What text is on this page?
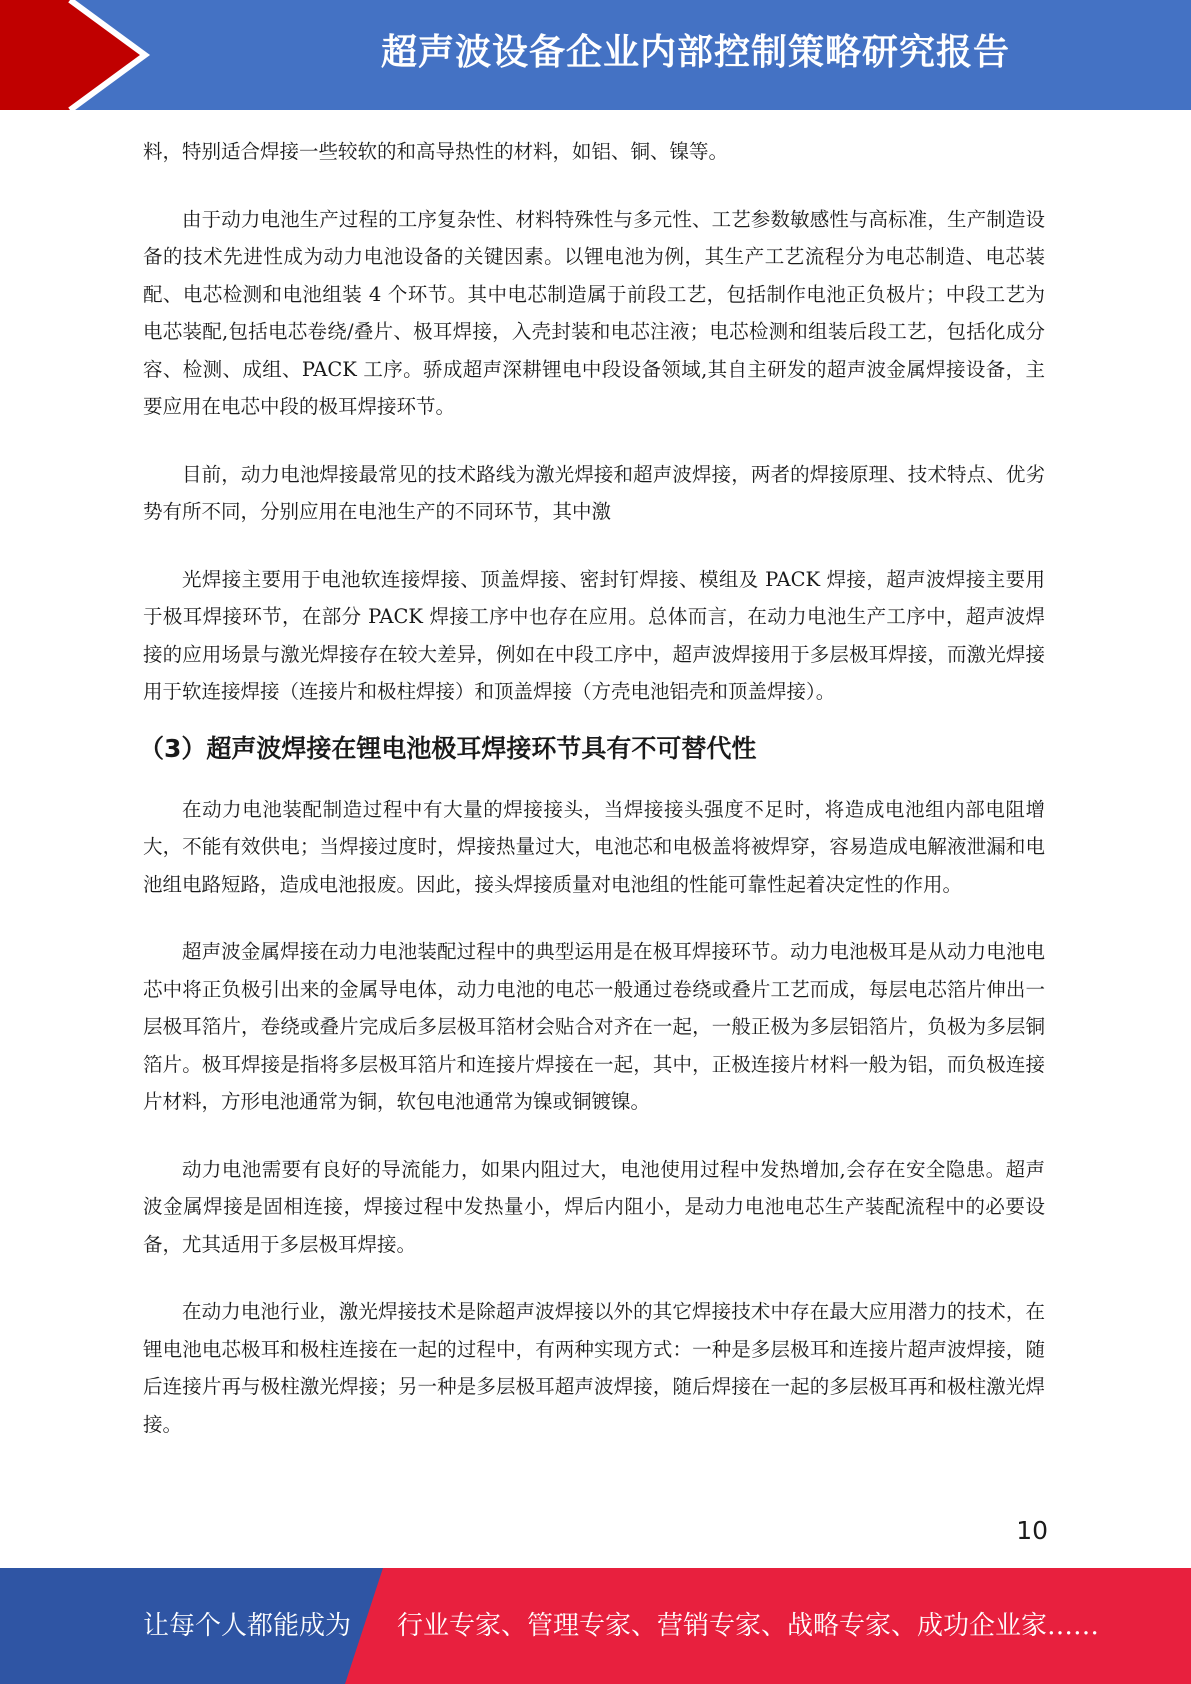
超声波设备企业内部控制策略研究报告

料，特别适合焊接一些较软的和高导热性的材料，如铝、铜、镍等。

由于动力电池生产过程的工序复杂性、材料特殊性与多元性、工艺参数敏感性与高标准，生产制造设备的技术先进性成为动力电池设备的关键因素。以锂电池为例，其生产工艺流程分为电芯制造、电芯装配、电芯检测和电池组装 4 个环节。其中电芯制造属于前段工艺，包括制作电池正负极片；中段工艺为电芯装配,包括电芯卷绕/叠片、极耳焊接，入壳封装和电芯注液；电芯检测和组装后段工艺，包括化成分容、检测、成组、PACK 工序。骄成超声深耕锂电中段设备领域,其自主研发的超声波金属焊接设备，主要应用在电芯中段的极耳焊接环节。

目前，动力电池焊接最常见的技术路线为激光焊接和超声波焊接，两者的焊接原理、技术特点、优劣势有所不同，分别应用在电池生产的不同环节，其中激

光焊接主要用于电池软连接焊接、顶盖焊接、密封钉焊接、模组及 PACK 焊接，超声波焊接主要用于极耳焊接环节，在部分 PACK 焊接工序中也存在应用。总体而言，在动力电池生产工序中，超声波焊接的应用场景与激光焊接存在较大差异，例如在中段工序中，超声波焊接用于多层极耳焊接，而激光焊接用于软连接焊接（连接片和极柱焊接）和顶盖焊接（方壳电池铝壳和顶盖焊接）。

（3）超声波焊接在锂电池极耳焊接环节具有不可替代性

在动力电池装配制造过程中有大量的焊接接头，当焊接接头强度不足时，将造成电池组内部电阻增大，不能有效供电；当焊接过度时，焊接热量过大，电池芯和电极盖将被焊穿，容易造成电解液泄漏和电池组电路短路，造成电池报废。因此，接头焊接质量对电池组的性能可靠性起着决定性的作用。

超声波金属焊接在动力电池装配过程中的典型运用是在极耳焊接环节。动力电池极耳是从动力电池电芯中将正负极引出来的金属导电体，动力电池的电芯一般通过卷绕或叠片工艺而成，每层电芯箔片伸出一层极耳箔片，卷绕或叠片完成后多层极耳箔材会贴合对齐在一起，一般正极为多层铝箔片，负极为多层铜箔片。极耳焊接是指将多层极耳箔片和连接片焊接在一起，其中，正极连接片材料一般为铝，而负极连接片材料，方形电池通常为铜，软包电池通常为镍或铜镀镍。

动力电池需要有良好的导流能力，如果内阻过大，电池使用过程中发热增加,会存在安全隐患。超声波金属焊接是固相连接，焊接过程中发热量小，焊后内阻小，是动力电池电芯生产装配流程中的必要设备，尤其适用于多层极耳焊接。

在动力电池行业，激光焊接技术是除超声波焊接以外的其它焊接技术中存在最大应用潜力的技术，在锂电池电芯极耳和极柱连接在一起的过程中，有两种实现方式：一种是多层极耳和连接片超声波焊接，随后连接片再与极柱激光焊接；另一种是多层极耳超声波焊接，随后焊接在一起的多层极耳再和极柱激光焊接。

10
让每个人都能成为 行业专家、管理专家、营销专家、战略专家、成功企业家……
